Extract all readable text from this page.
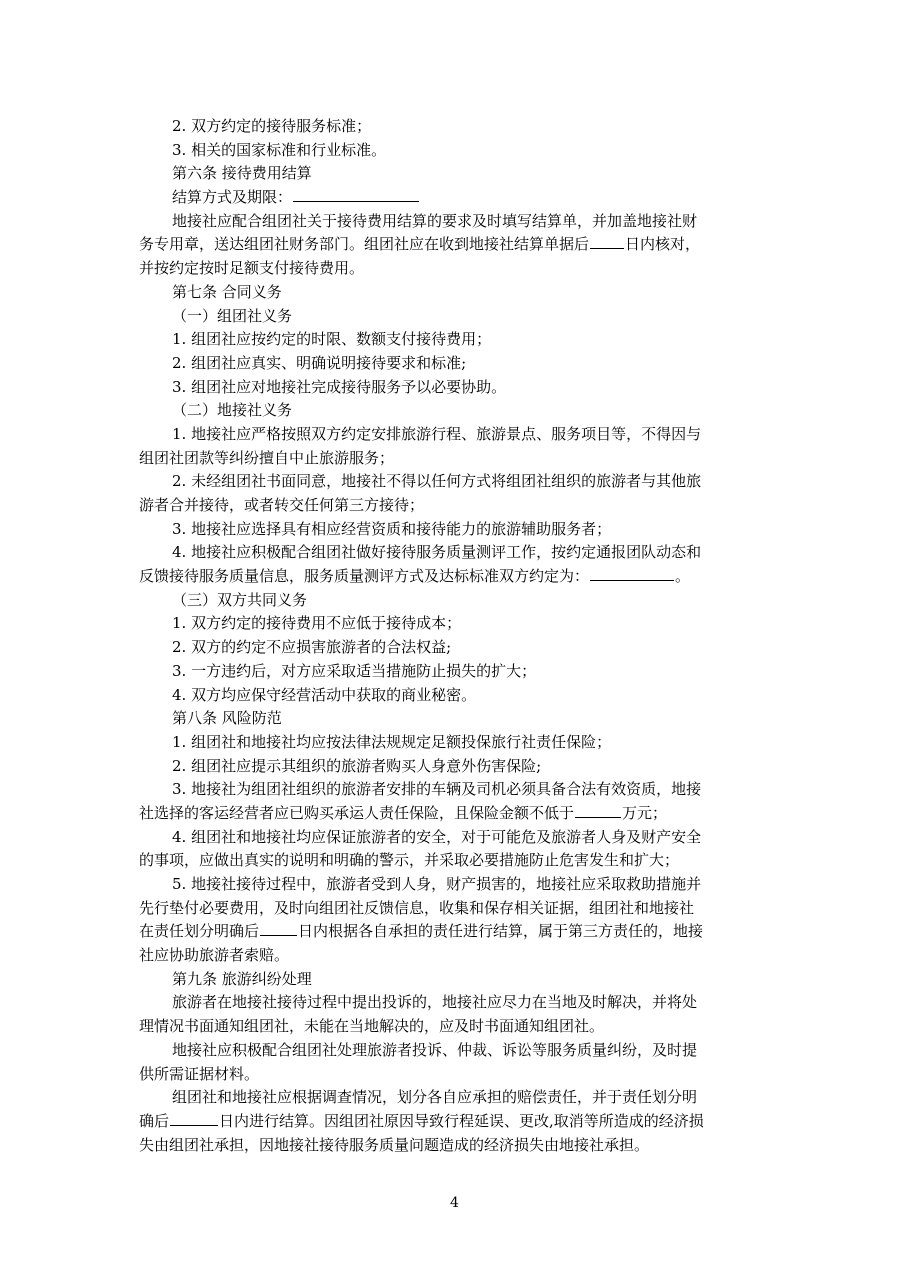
2. 双方约定的接待服务标准；
3. 相关的国家标准和行业标准。
第六条 接待费用结算
结算方式及期限：
地接社应配合组团社关于接待费用结算的要求及时填写结算单，并加盖地接社财
务专用章，送达组团社财务部门。组团社应在收到地接社结算单据后 日内核对，
并按约定按时足额支付接待费用。
第七条 合同义务
（一）组团社义务
1. 组团社应按约定的时限、数额支付接待费用；
2. 组团社应真实、明确说明接待要求和标准;
3. 组团社应对地接社完成接待服务予以必要协助。
（二）地接社义务
1. 地接社应严格按照双方约定安排旅游行程、旅游景点、服务项目等，不得因与
组团社团款等纠纷擅自中止旅游服务；
2. 未经组团社书面同意，地接社不得以任何方式将组团社组织的旅游者与其他旅
游者合并接待，或者转交任何第三方接待；
3. 地接社应选择具有相应经营资质和接待能力的旅游辅助服务者；
4. 地接社应积极配合组团社做好接待服务质量测评工作，按约定通报团队动态和
反馈接待服务质量信息，服务质量测评方式及达标标准双方约定为：	。
（三）双方共同义务
1. 双方约定的接待费用不应低于接待成本；
2. 双方的约定不应损害旅游者的合法权益;
3. 一方违约后，对方应采取适当措施防止损失的扩大；
4. 双方均应保守经营活动中获取的商业秘密。
第八条 风险防范
1. 组团社和地接社均应按法律法规规定足额投保旅行社责任保险；
2. 组团社应提示其组织的旅游者购买人身意外伤害保险;
3. 地接社为组团社组织的旅游者安排的车辆及司机必须具备合法有效资质，地接
社选择的客运经营者应已购买承运人责任保险，且保险金额不低于	万元；
4. 组团社和地接社均应保证旅游者的安全，对于可能危及旅游者人身及财产安全
的事项，应做出真实的说明和明确的警示，并采取必要措施防止危害发生和扩大；
5. 地接社接待过程中，旅游者受到人身，财产损害的，地接社应采取救助措施并
先行垫付必要费用，及时向组团社反馈信息，收集和保存相关证据，组团社和地接社
在责任划分明确后	日内根据各自承担的责任进行结算，属于第三方责任的，地接
社应协助旅游者索赔。
第九条 旅游纠纷处理
旅游者在地接社接待过程中提出投诉的，地接社应尽力在当地及时解决，并将处
理情况书面通知组团社，未能在当地解决的，应及时书面通知组团社。
地接社应积极配合组团社处理旅游者投诉、仲裁、诉讼等服务质量纠纷，及时提
供所需证据材料。
组团社和地接社应根据调查情况，划分各自应承担的赔偿责任，并于责任划分明
确后	日内进行结算。因组团社原因导致行程延误、更改,取消等所造成的经济损
失由组团社承担，因地接社接待服务质量问题造成的经济损失由地接社承担。
4
